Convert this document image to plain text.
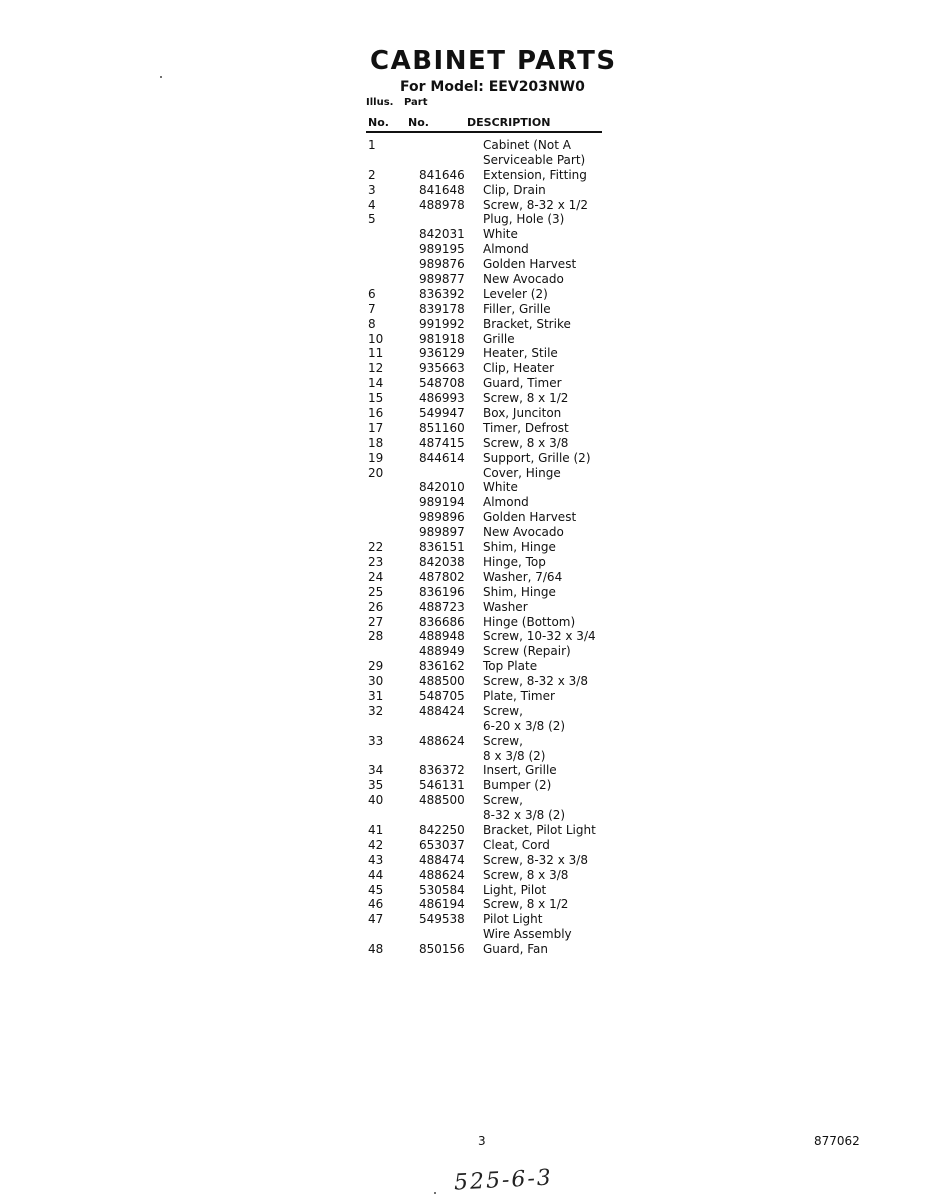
CABINET PARTS
For Model: EEV203NW0
Illus. Part
No. No.	DESCRIPTION
1	Cabinet (Not A
Serviceable Part)
2	841646 Extension, Fitting
3	841648 Clip, Drain
4	488978 Screw, 8-32 x 1/2
5	Plug, Hole (3)
842031 White
989195 Almond
989876 Golden Harvest
989877 New Avocado
6	836392 Leveler (2)
7	839178 Filler, Grille
8	991992 Bracket, Strike
10	981918 Grille
11	936129 Heater, Stile
12	935663 Clip, Heater
14	548708 Guard, Timer
15	486993 Screw, 8 x 1/2
16	549947 Box, Junciton
17	851160 Timer, Defrost
18	487415 Screw, 8 x 3/8
19	844614 Support, Grille (2)
20	Cover, Hinge
842010 White
989194 Almond
989896 Golden Harvest
989897 New Avocado
22	836151 Shim, Hinge
23	842038 Hinge, Top
24	487802 Washer, 7/64
25	836196 Shim, Hinge
26	488723 Washer
27	836686 Hinge (Bottom)
28	488948 Screw, 10-32 x 3/4
488949 Screw (Repair)
29	836162 Top Plate
30	488500 Screw, 8-32 x 3/8
31	548705 Plate, Timer
32	488424 Screw,
6-20 x 3/8 (2)
33	488624 Screw,
8 x 3/8 (2)
34	836372 Insert, Grille
35	546131 Bumper (2)
40	488500 Screw,
8-32 x 3/8 (2)
41	842250 Bracket, Pilot Light
42	653037 Cleat, Cord
43	488474 Screw, 8-32 x 3/8
44	488624 Screw, 8 x 3/8
45	530584 Light, Pilot
46	486194 Screw, 8 x 1/2
47	549538 Pilot Light
Wire Assembly
48	850156 Guard, Fan
3	877062
525-6-3
